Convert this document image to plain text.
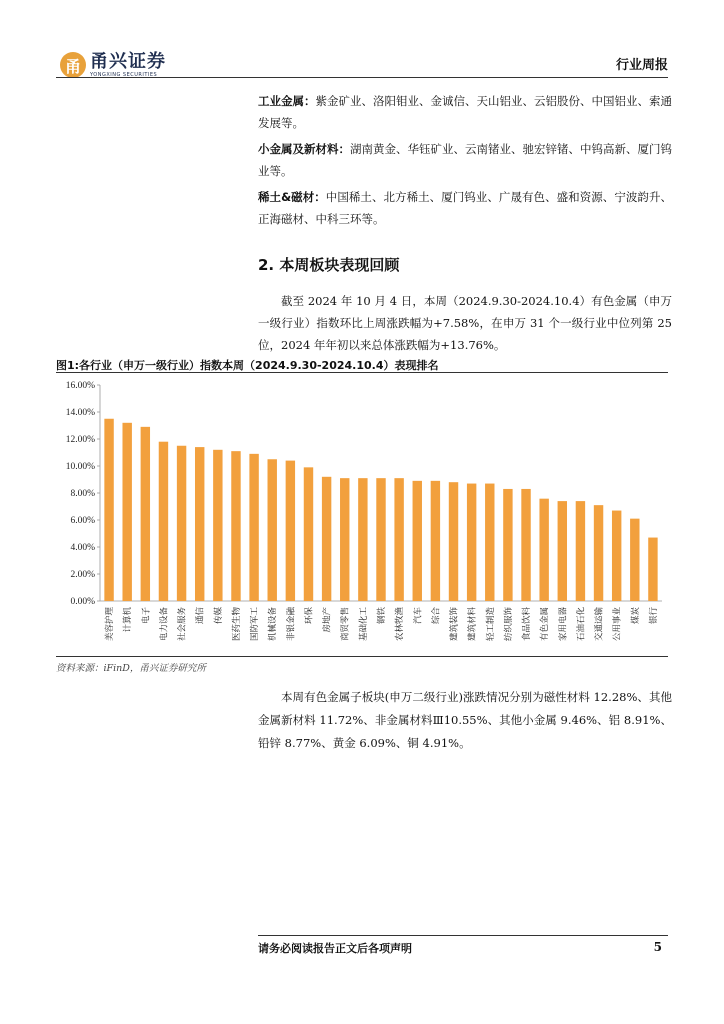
甬 甬兴证券
YONGXING SECURITIES
行业周报

工业金属：紫金矿业、洛阳钼业、金诚信、天山铝业、云铝股份、中国铝业、索通发展等。

小金属及新材料：湖南黄金、华钰矿业、云南锗业、驰宏锌锗、中钨高新、厦门钨业等。

稀土&磁材：中国稀土、北方稀土、厦门钨业、广晟有色、盛和资源、宁波韵升、正海磁材、中科三环等。

2. 本周板块表现回顾

截至 2024 年 10 月 4 日，本周（2024.9.30-2024.10.4）有色金属（申万一级行业）指数环比上周涨跌幅为+7.58%，在申万 31 个一级行业中位列第 25 位，2024 年年初以来总体涨跌幅为+13.76%。

图1:各行业（申万一级行业）指数本周（2024.9.30-2024.10.4）表现排名
0.00%
2.00%
4.00%
6.00%
8.00%
10.00%
12.00%
14.00%
16.00%
美容护理 计算机 电子 电力设备 社会服务 通信 传媒 医药生物 国防军工 机械设备 非银金融 环保 房地产 商贸零售 基础化工 钢铁 农林牧渔 汽车 综合 建筑装饰 建筑材料 轻工制造 纺织服饰 食品饮料 有色金属 家用电器 石油石化 交通运输 公用事业 煤炭 银行
资料来源：iFinD，甬兴证券研究所

本周有色金属子板块(申万二级行业)涨跌情况分别为磁性材料 12.28%、其他金属新材料 11.72%、非金属材料Ⅲ10.55%、其他小金属 9.46%、铝 8.91%、铅锌 8.77%、黄金 6.09%、铜 4.91%。

请务必阅读报告正文后各项声明	5
